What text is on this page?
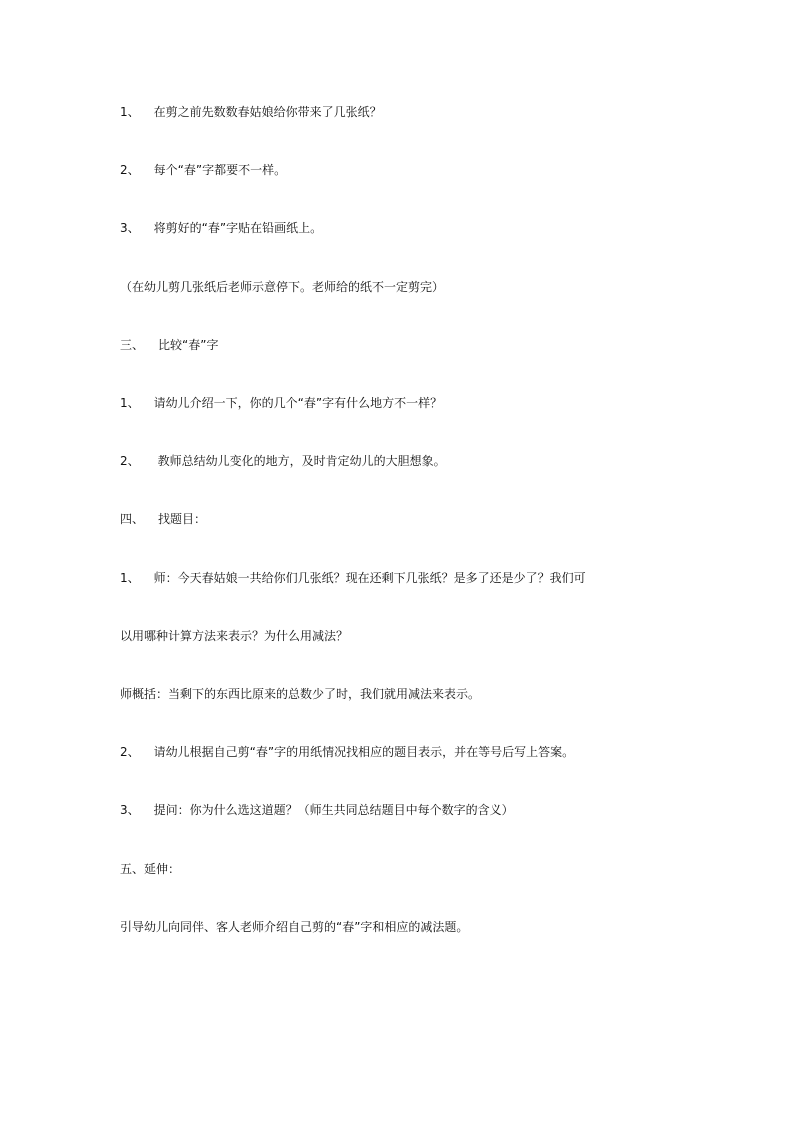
1、 在剪之前先数数春姑娘给你带来了几张纸？
2、 每个“春”字都要不一样。
3、 将剪好的“春”字贴在铅画纸上。
（在幼儿剪几张纸后老师示意停下。老师给的纸不一定剪完）
三、 比较“春”字
1、 请幼儿介绍一下，你的几个“春”字有什么地方不一样？
2、 教师总结幼儿变化的地方，及时肯定幼儿的大胆想象。
四、 找题目：
1、 师：今天春姑娘一共给你们几张纸？现在还剩下几张纸？是多了还是少了？我们可
以用哪种计算方法来表示？为什么用减法？
师概括：当剩下的东西比原来的总数少了时，我们就用减法来表示。
2、 请幼儿根据自己剪“春”字的用纸情况找相应的题目表示，并在等号后写上答案。
3、 提问：你为什么选这道题？（师生共同总结题目中每个数字的含义）
五、延伸：
引导幼儿向同伴、客人老师介绍自己剪的“春”字和相应的减法题。
